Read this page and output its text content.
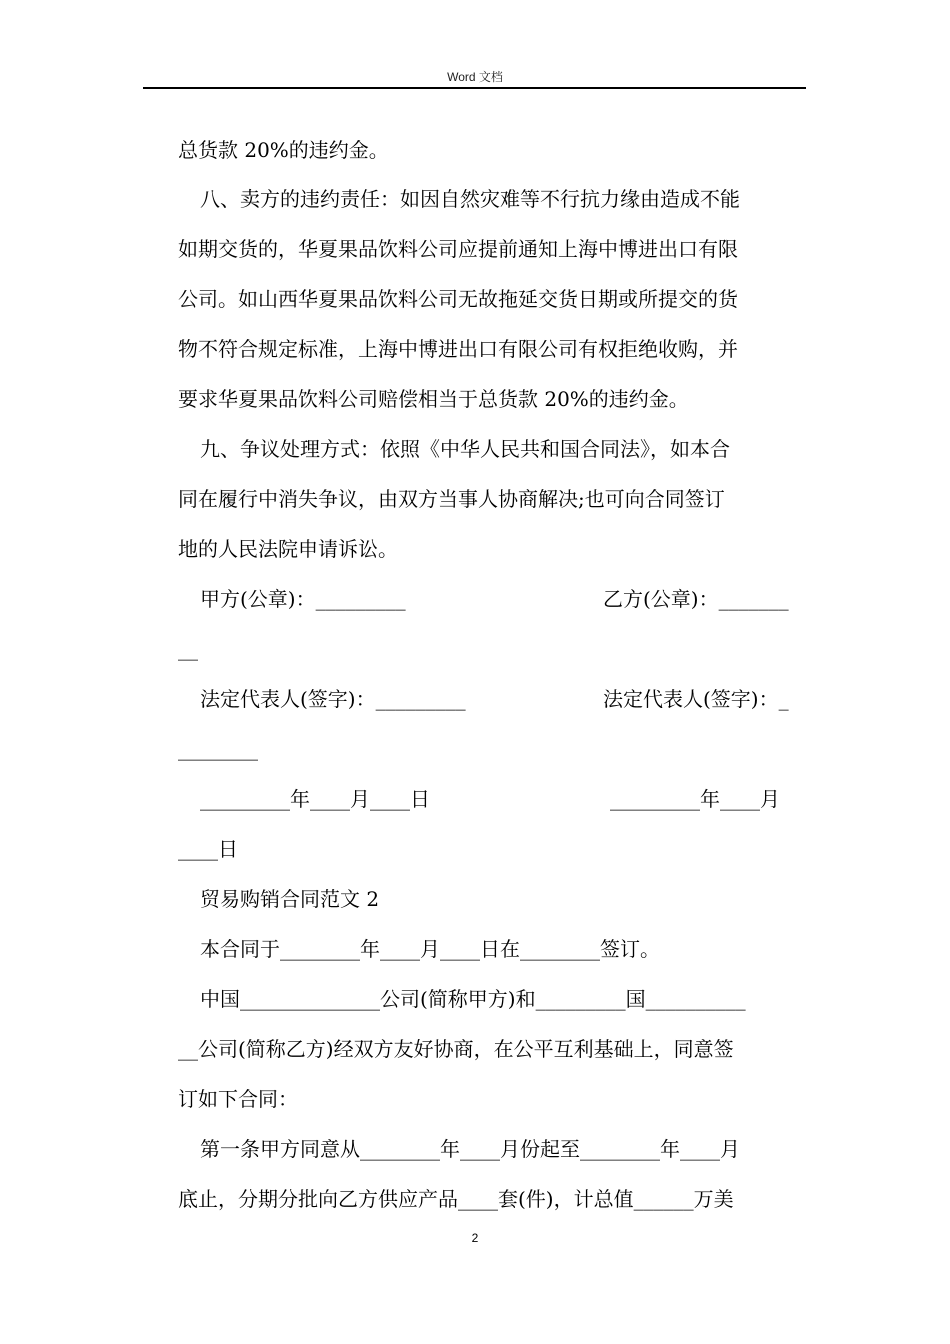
Word 文档
总货款 20%的违约金。
八、卖方的违约责任：如因自然灾难等不行抗力缘由造成不能
如期交货的，华夏果品饮料公司应提前通知上海中博进出口有限
公司。如山西华夏果品饮料公司无故拖延交货日期或所提交的货
物不符合规定标准，上海中博进出口有限公司有权拒绝收购，并
要求华夏果品饮料公司赔偿相当于总货款 20%的违约金。
九、争议处理方式：依照《中华人民共和国合同法》，如本合
同在履行中消失争议，由双方当事人协商解决;也可向合同签订
地的人民法院申请诉讼。
甲方(公章)：_________	乙方(公章)：_______
__
法定代表人(签字)：_________	法定代表人(签字)：_
________
_________年____月____日	_________年____月
____日
贸易购销合同范文 2
本合同于________年____月____日在________签订。
中国______________公司(简称甲方)和_________国__________
__公司(简称乙方)经双方友好协商，在公平互利基础上，同意签
订如下合同：
第一条甲方同意从________年____月份起至________年____月
底止，分期分批向乙方供应产品____套(件)，计总值______万美
2
